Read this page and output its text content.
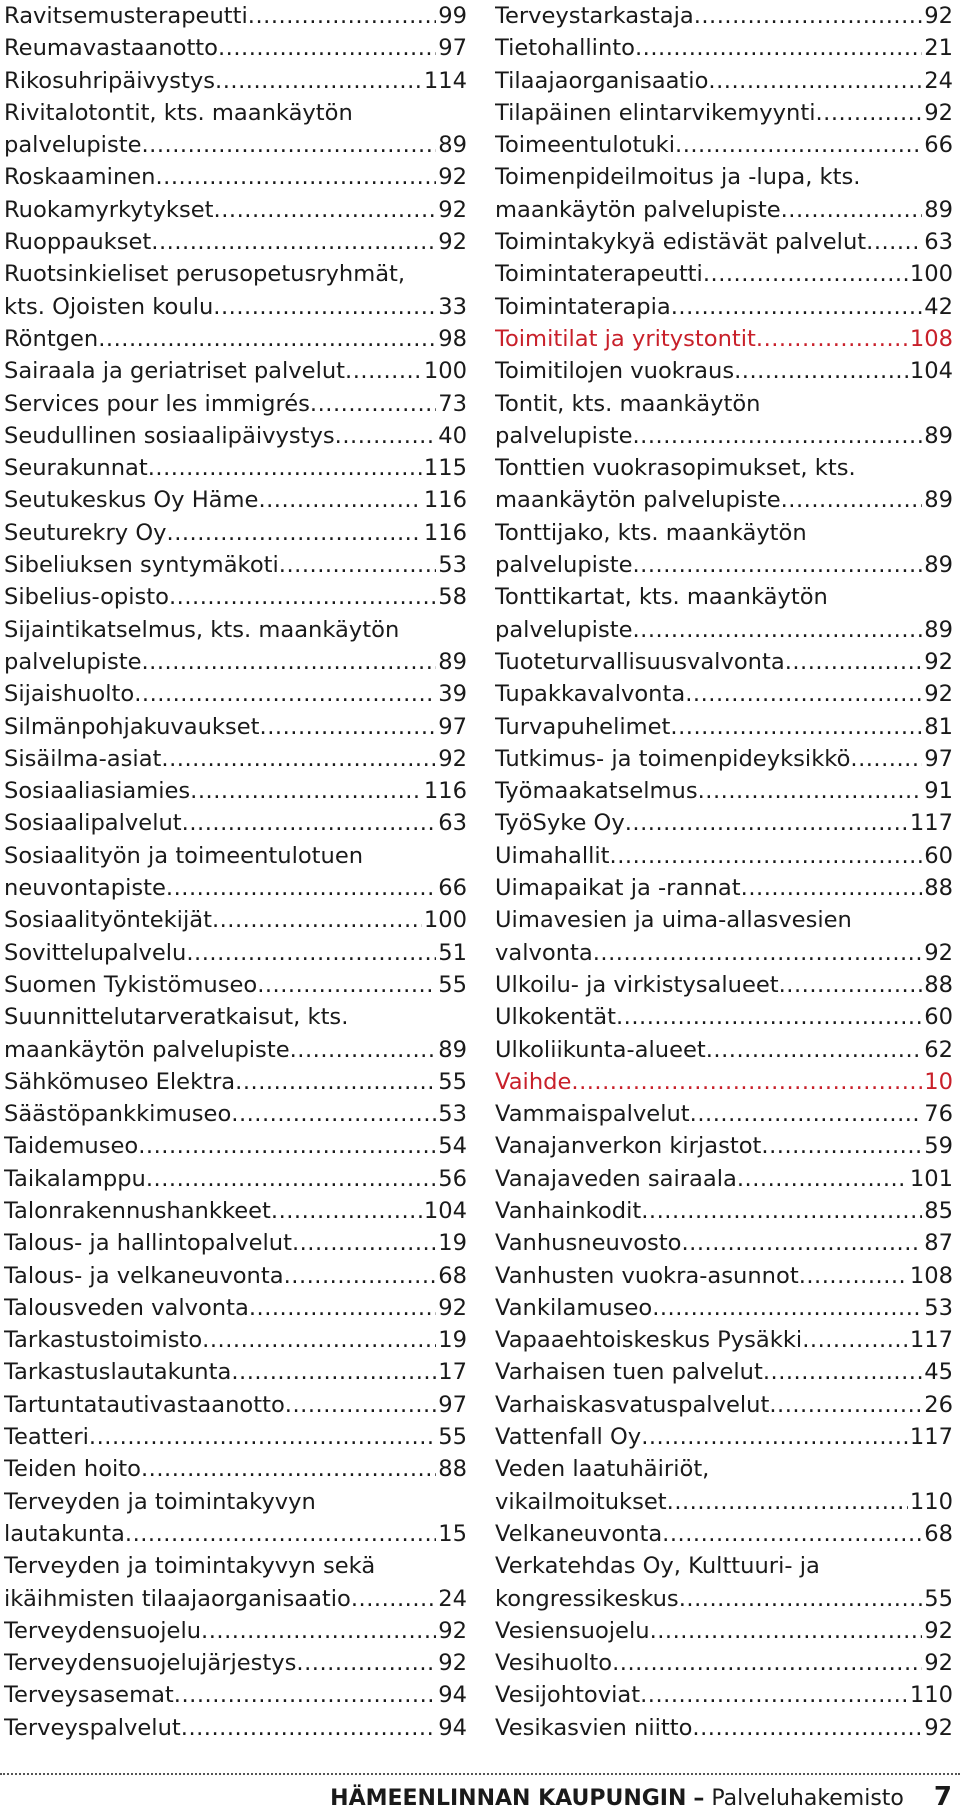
Ravitsemusterapeutti .....	99
Reumavastaanotto .....	97
Rikosuhripäivystys .....	114
Rivitalotontit, kts. maankäytön
palvelupiste .....	89
Roskaaminen .....	92
Ruokamyrkytykset .....	92
Ruoppaukset .....	92
Ruotsinkieliset perusopetusryhmät,
kts. Ojoisten koulu .....	33
Röntgen .....	98
Sairaala ja geriatriset palvelut .....	100
Services pour les immigrés .....	73
Seudullinen sosiaalipäivystys .....	40
Seurakunnat .....	115
Seutukeskus Oy Häme .....	116
Seuturekry Oy .....	116
Sibeliuksen syntymäkoti .....	53
Sibelius-opisto .....	58
Sijaintikatselmus, kts. maankäytön
palvelupiste .....	89
Sijaishuolto .....	39
Silmänpohjakuvaukset .....	97
Sisäilma-asiat .....	92
Sosiaaliasiamies .....	116
Sosiaalipalvelut .....	63
Sosiaalityön ja toimeentulotuen
neuvontapiste .....	66
Sosiaalityöntekijät .....	100
Sovittelupalvelu .....	51
Suomen Tykistömuseo .....	55
Suunnittelutarveratkaisut, kts.
maankäytön palvelupiste .....	89
Sähkömuseo Elektra .....	55
Säästöpankkimuseo .....	53
Taidemuseo .....	54
Taikalamppu .....	56
Talonrakennushankkeet .....	104
Talous- ja hallintopalvelut .....	19
Talous- ja velkaneuvonta .....	68
Talousveden valvonta .....	92
Tarkastustoimisto .....	19
Tarkastuslautakunta .....	17
Tartuntatautivastaanotto .....	97
Teatteri .....	55
Teiden hoito .....	88
Terveyden ja toimintakyvyn
lautakunta .....	15
Terveyden ja toimintakyvyn sekä
ikäihmisten tilaajaorganisaatio .....	24
Terveydensuojelu .....	92
Terveydensuojelujärjestys .....	92
Terveysasemat .....	94
Terveyspalvelut .....	94
Terveystarkastaja .....	92
Tietohallinto .....	21
Tilaajaorganisaatio .....	24
Tilapäinen elintarvikemyynti .....	92
Toimeentulotuki .....	66
Toimenpideilmoitus ja -lupa, kts.
maankäytön palvelupiste .....	89
Toimintakykyä edistävät palvelut .....	63
Toimintaterapeutti .....	100
Toimintaterapia .....	42
Toimitilat ja yritystontit .....	108
Toimitilojen vuokraus .....	104
Tontit, kts. maankäytön
palvelupiste .....	89
Tonttien vuokrasopimukset, kts.
maankäytön palvelupiste .....	89
Tonttijako, kts. maankäytön
palvelupiste .....	89
Tonttikartat, kts. maankäytön
palvelupiste .....	89
Tuoteturvallisuusvalvonta .....	92
Tupakkavalvonta .....	92
Turvapuhelimet .....	81
Tutkimus- ja toimenpideyksikkö .....	97
Työmaakatselmus .....	91
TyöSyke Oy .....	117
Uimahallit .....	60
Uimapaikat ja -rannat .....	88
Uimavesien ja uima-allasvesien
valvonta .....	92
Ulkoilu- ja virkistysalueet .....	88
Ulkokentät .....	60
Ulkoliikunta-alueet .....	62
Vaihde .....	10
Vammaispalvelut .....	76
Vanajanverkon kirjastot .....	59
Vanajaveden sairaala .....	101
Vanhainkodit .....	85
Vanhusneuvosto .....	87
Vanhusten vuokra-asunnot .....	108
Vankilamuseo .....	53
Vapaaehtoiskeskus Pysäkki .....	117
Varhaisen tuen palvelut .....	45
Varhaiskasvatuspalvelut .....	26
Vattenfall Oy .....	117
Veden laatuhäiriöt,
vikailmoitukset .....	110
Velkaneuvonta .....	68
Verkatehdas Oy, Kulttuuri- ja
kongressikeskus .....	55
Vesiensuojelu .....	92
Vesihuolto .....	92
Vesijohtoviat .....	110
Vesikasvien niitto .....	92
HÄMEENLINNAN KAUPUNGIN – Palveluhakemisto 7
